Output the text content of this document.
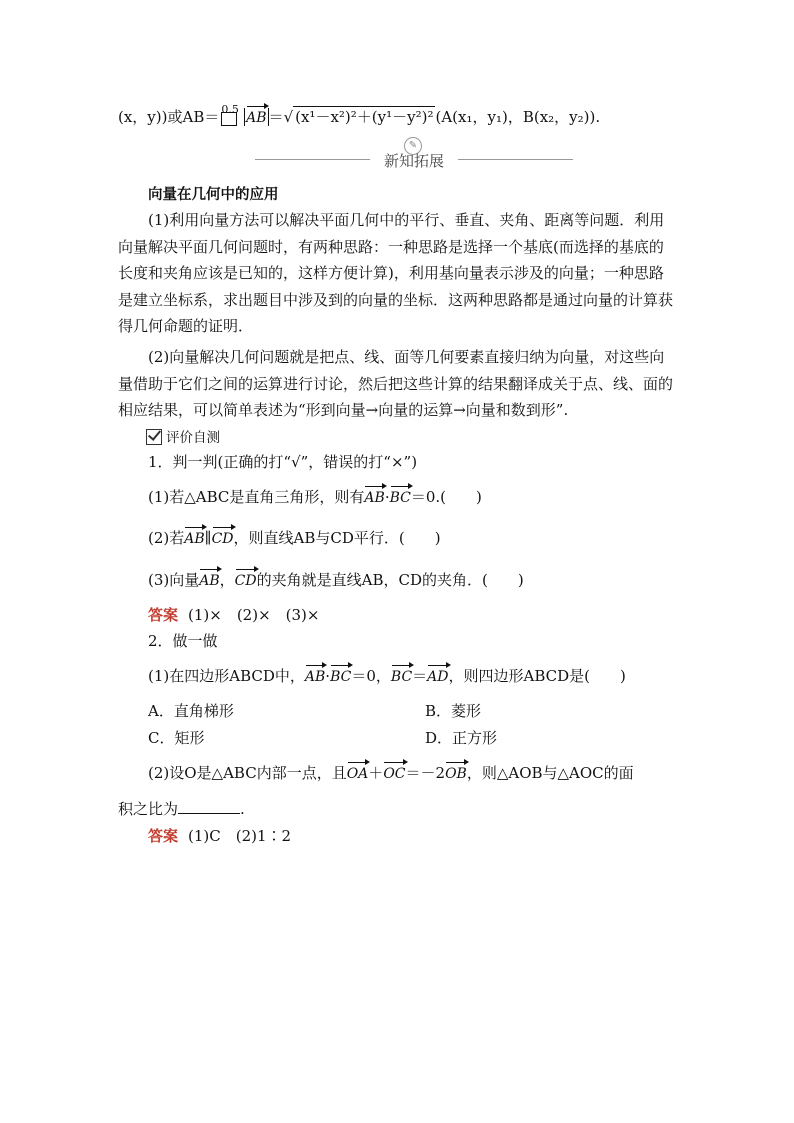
(x，y))或AB＝ 0.5
AB ＝√ (x¹－x²)²＋(y¹－y²)² (A(x₁，y₁)，B(x₂，y₂)).
✎
新知拓展
向量在几何中的应用
(1)利用向量方法可以解决平面几何中的平行、垂直、夹角、距离等问题．利用向量解决平面几何问题时，有两种思路：一种思路是选择一个基底(而选择的基底的长度和夹角应该是已知的，这样方便计算)，利用基向量表示涉及的向量；一种思路是建立坐标系，求出题目中涉及到的向量的坐标．这两种思路都是通过向量的计算获得几何命题的证明．
(2)向量解决几何问题就是把点、线、面等几何要素直接归纳为向量，对这些向量借助于它们之间的运算进行讨论，然后把这些计算的结果翻译成关于点、线、面的相应结果，可以简单表述为“形到向量→向量的运算→向量和数到形”.
评价自测
1．判一判(正确的打“√”，错误的打“×”)
(1)若△ABC是直角三角形，则有AB·BC＝0.(　　)
(2)若AB∥CD，则直线AB与CD平行．(　　)
(3)向量AB，CD的夹角就是直线AB，CD的夹角．(　　)
答案 (1)×　(2)×　(3)×
2．做一做
(1)在四边形ABCD中，AB·BC＝0，BC＝AD，则四边形ABCD是(　　)
A．直角梯形	B．菱形
C．矩形	D．正方形
(2)设O是△ABC内部一点，且OA＋OC＝－2OB，则△AOB与△AOC的面
积之比为	.
答案 (1)C　(2)1∶2
